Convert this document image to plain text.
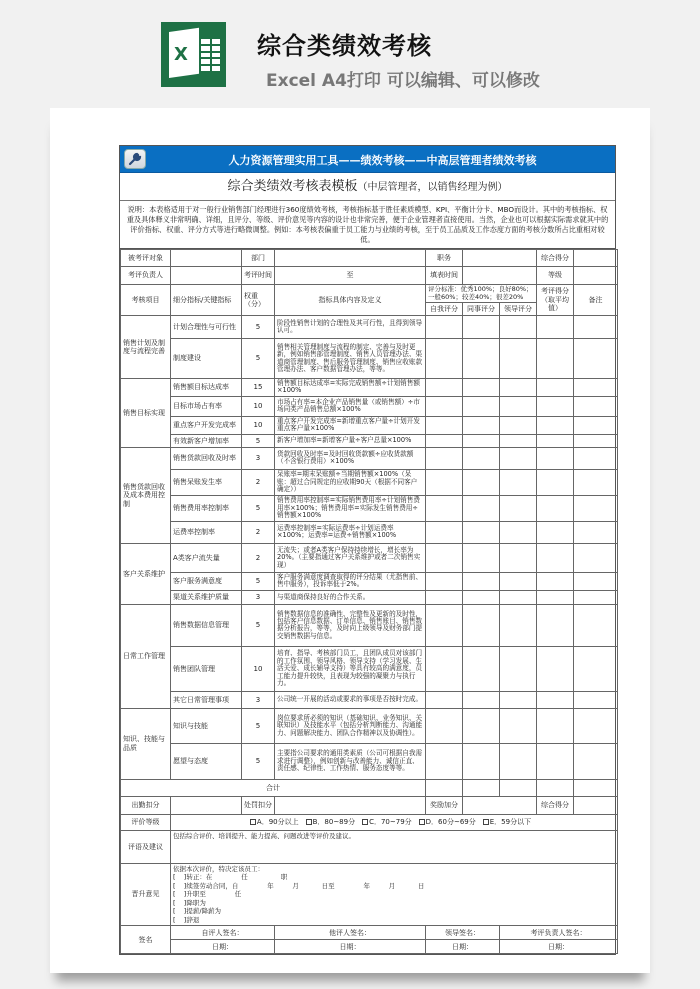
X	综合类绩效考核
Excel A4打印 可以编辑、可以修改
人力资源管理实用工具——绩效考核——中高层管理者绩效考核
综合类绩效考核表模板（中层管理者，以销售经理为例）
说明：本表格适用于对一般行业销售部门经理进行360度绩效考核，考核指标基于胜任素质模型、KPI、平衡计分卡、MBO而设计。其中的考核指标、权重及具体释义非常明确、详细，且评分、等级、评价意见等内容的设计也非常完善，便于企业管理者直接使用。当然，企业也可以根据实际需求就其中的评价指标、权重、评分方式等进行略微调整。例如：本考核表偏重于员工能力与业绩的考核，至于员工品质及工作态度方面的考核分数所占比重相对较低。
被考评对象		部门		职务			综合得分	
考评负责人		考评时间	至	填表时间			等级	
考核项目	细分指标/关键指标	权重（分）	指标具体内容及定义	评分标准：优秀100%；良好80%；一般60%；较差40%；很差20%			考评得分（取平均值）	备注
				自我评分	同事评分	领导评分		
销售计划及制度与流程完善	计划合理性与可行性	5	阶段性销售计划的合理性及其可行性，且得到领导认可。					
	制度建设	5	销售相关管理制度与流程的制定、完善与及时更新，例如销售部管理制度、销售人员管理办法、渠道商管理制度、售后服务管理制度、销售应收账款管理办法、客户数据管理办法，等等。					
销售目标实现	销售额目标达成率	15	销售额目标达成率=实际完成销售额÷计划销售额×100%					
	目标市场占有率	10	市场占有率=本企业产品销售量（或销售额）÷市场同类产品销售总额×100%					
	重点客户开发完成率	10	重点客户开发完成率=新增重点客户量÷计划开发重点客户量×100%					
	有效新客户增加率	5	新客户增加率=新增客户量÷客户总量×100%					
销售货款回收及成本费用控制	销售货款回收及时率	3	货款回收及时率=及时回收货款额÷应收货款额（不含银行费用）×100%					
	销售呆账发生率	2	呆账率=期末呆账额÷当期销售额×100%（呆账：超过合同规定的应收期90天（根据不同客户确定））					
	销售费用率控制率	5	销售费用率控制率=实际销售费用率÷计划销售费用率×100%；销售费用率=实际发生销售费用÷销售额×100%					
	运费率控制率	2	运费率控制率=实际运费率÷计划运费率×100%；运费率=运费÷销售额×100%					
客户关系维护	A类客户流失量	2	无流失；或者A类客户保持持续增长，增长率为20%。（主要指通过客户关系维护或者二次销售实现）					
	客户服务满意度	5	客户服务满意度调查取得的评分结果（尤指售前、售中服务），投诉率低于2%。					
	渠道关系维护质量	3	与渠道商保持良好的合作关系。					
日常工作管理	销售数据信息管理	5	销售数据信息的准确性、完整性及更新的及时性，包括客户信息数据、订单信息、销售账目、销售数据分析报告，等等，及时向上级领导及财务部门提交销售数据与信息。					
	销售团队管理	10	培育、指导、考核部门员工，且团队成员对该部门的工作氛围、领导风格、领导支持（学习发展、生活关爱、成长辅导支持）等具有较高的满意度，员工能力提升较快，且表现为较强的凝聚力与执行力。					
	其它日常管理事项	3	公司统一开展的活动或要求的事项是否按时完成。					
知识、技能与品质	知识与技能	5	岗位要求所必须的知识（基础知识、业务知识、关联知识）及技能水平（包括分析判断能力、沟通能力、问题解决能力、团队合作精神以及协调性）。					
	愿望与态度	5	主要指公司要求的通用类素质（公司可根据自我需求进行调整），例如创新与改善能力、诚信正直、责任感、纪律性、工作热情、服务态度等等。					
合计								
出勤扣分		处罚扣分		奖励加分			综合得分	
评价等级	A．90分以上 B．80~89分 C．70~79分 D．60分~69分 E．59分以下							
评语及建议	包括综合评价、培训提升、能力提高、问题改进等评价及建议。							
晋升意见	
依据本次评价，特决定该员工：
[    ]转正：在              任                职
[    ]续签劳动合同，自              年         月           日至              年         月           日
[    ]升职至              任
[    ]降职为
[    ]提薪/降薪为
[    ]辞退

签名	自评人签名：		他评人签名：	领导签名：		考评负责人签名：		
	日期：		日期：	日期：		日期：		
